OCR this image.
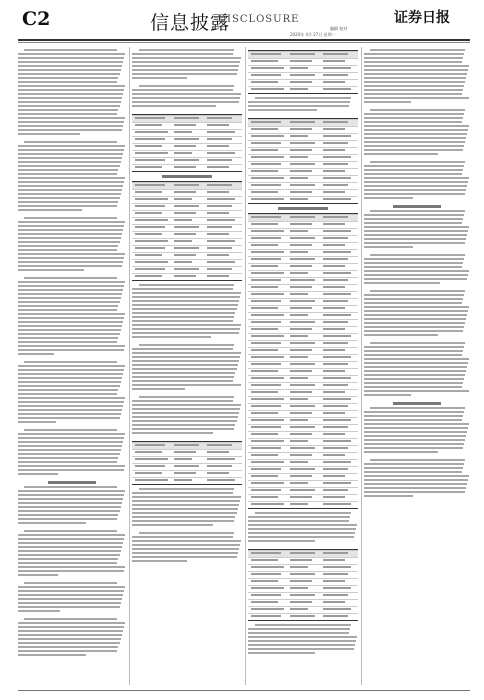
C2	信息披露
DISCLOSURE	证券日报
编辑 校对
2020年 4月 27日 星期一
